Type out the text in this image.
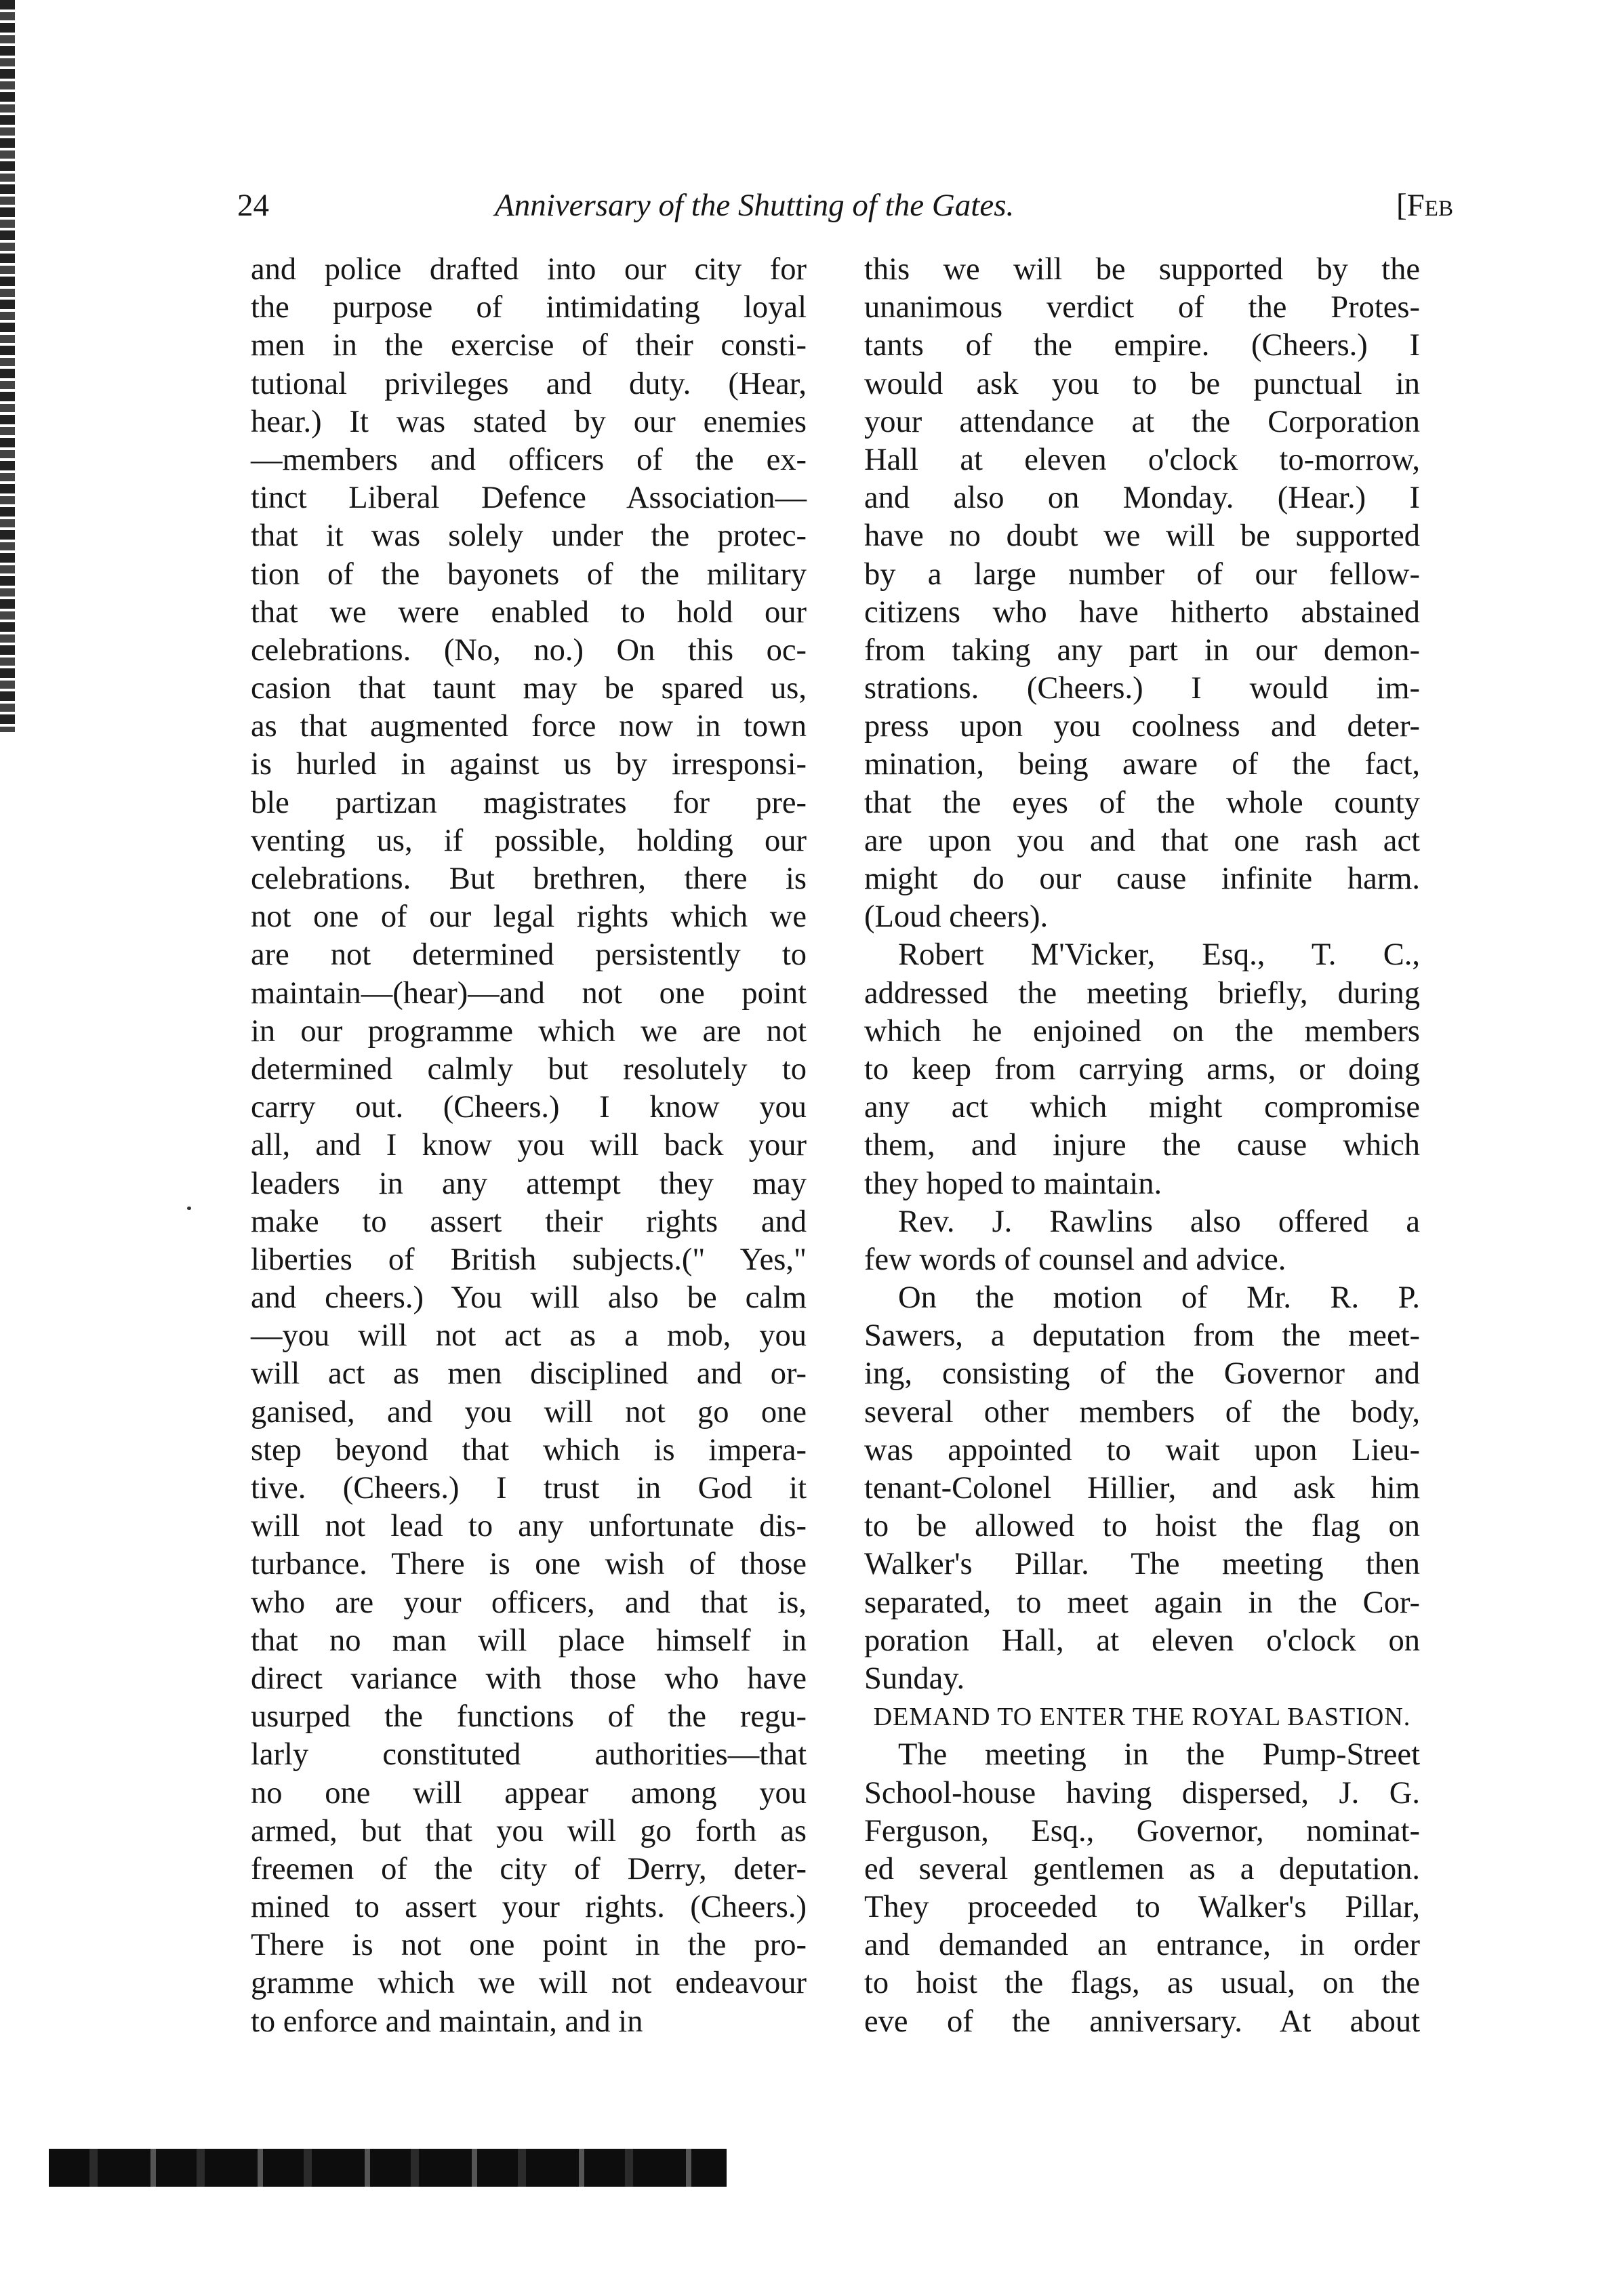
24	Anniversary of the Shutting of the Gates.	[Feb
and police drafted into our city for
the purpose of intimidating loyal
men in the exercise of their consti-
tutional privileges and duty. (Hear,
hear.) It was stated by our enemies
—members and officers of the ex-
tinct Liberal Defence Association—
that it was solely under the protec-
tion of the bayonets of the military
that we were enabled to hold our
celebrations. (No, no.) On this oc-
casion that taunt may be spared us,
as that augmented force now in town
is hurled in against us by irresponsi-
ble partizan magistrates for pre-
venting us, if possible, holding our
celebrations. But brethren, there is
not one of our legal rights which we
are not determined persistently to
maintain—(hear)—and not one point
in our programme which we are not
determined calmly but resolutely to
carry out. (Cheers.) I know you
all, and I know you will back your
leaders in any attempt they may
make to assert their rights and
liberties of British subjects.(" Yes,"
and cheers.) You will also be calm
—you will not act as a mob, you
will act as men disciplined and or-
ganised, and you will not go one
step beyond that which is impera-
tive. (Cheers.) I trust in God it
will not lead to any unfortunate dis-
turbance. There is one wish of those
who are your officers, and that is,
that no man will place himself in
direct variance with those who have
usurped the functions of the regu-
larly constituted authorities—that
no one will appear among you
armed, but that you will go forth as
freemen of the city of Derry, deter-
mined to assert your rights. (Cheers.)
There is not one point in the pro-
gramme which we will not endeavour
to enforce and maintain, and in
this we will be supported by the
unanimous verdict of the Protes-
tants of the empire. (Cheers.) I
would ask you to be punctual in
your attendance at the Corporation
Hall at eleven o'clock to-morrow,
and also on Monday. (Hear.) I
have no doubt we will be supported
by a large number of our fellow-
citizens who have hitherto abstained
from taking any part in our demon-
strations. (Cheers.) I would im-
press upon you coolness and deter-
mination, being aware of the fact,
that the eyes of the whole county
are upon you and that one rash act
might do our cause infinite harm.
(Loud cheers).
Robert M'Vicker, Esq., T. C.,
addressed the meeting briefly, during
which he enjoined on the members
to keep from carrying arms, or doing
any act which might compromise
them, and injure the cause which
they hoped to maintain.
Rev. J. Rawlins also offered a
few words of counsel and advice.
On the motion of Mr. R. P.
Sawers, a deputation from the meet-
ing, consisting of the Governor and
several other members of the body,
was appointed to wait upon Lieu-
tenant-Colonel Hillier, and ask him
to be allowed to hoist the flag on
Walker's Pillar. The meeting then
separated, to meet again in the Cor-
poration Hall, at eleven o'clock on
Sunday.
DEMAND TO ENTER THE ROYAL BASTION.
The meeting in the Pump-Street
School-house having dispersed, J. G.
Ferguson, Esq., Governor, nominat-
ed several gentlemen as a deputation.
They proceeded to Walker's Pillar,
and demanded an entrance, in order
to hoist the flags, as usual, on the
eve of the anniversary. At about
